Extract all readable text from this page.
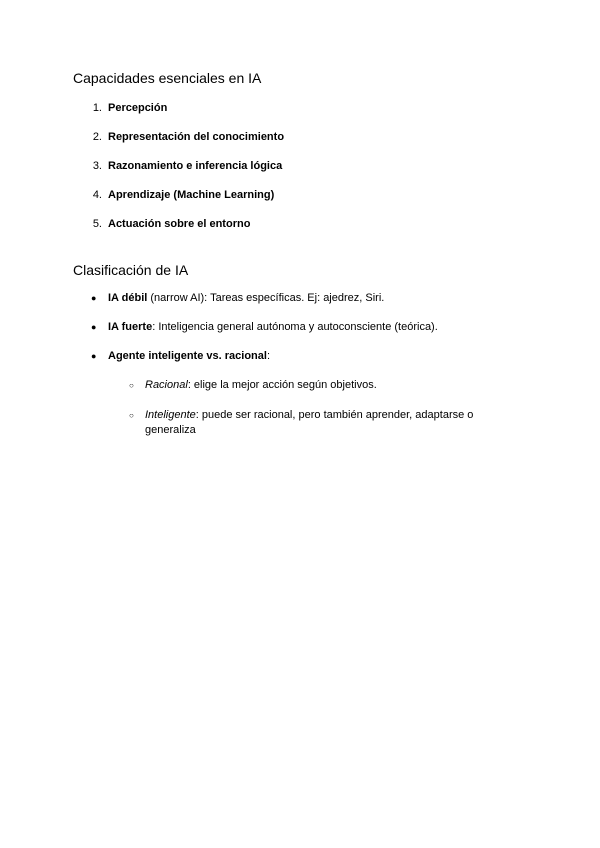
Capacidades esenciales en IA
1. Percepción
2. Representación del conocimiento
3. Razonamiento e inferencia lógica
4. Aprendizaje (Machine Learning)
5. Actuación sobre el entorno
Clasificación de IA
● IA débil (narrow AI): Tareas específicas. Ej: ajedrez, Siri.
● IA fuerte: Inteligencia general autónoma y autoconsciente (teórica).
● Agente inteligente vs. racional:
○ Racional: elige la mejor acción según objetivos.
○ Inteligente: puede ser racional, pero también aprender, adaptarse o
generaliza
